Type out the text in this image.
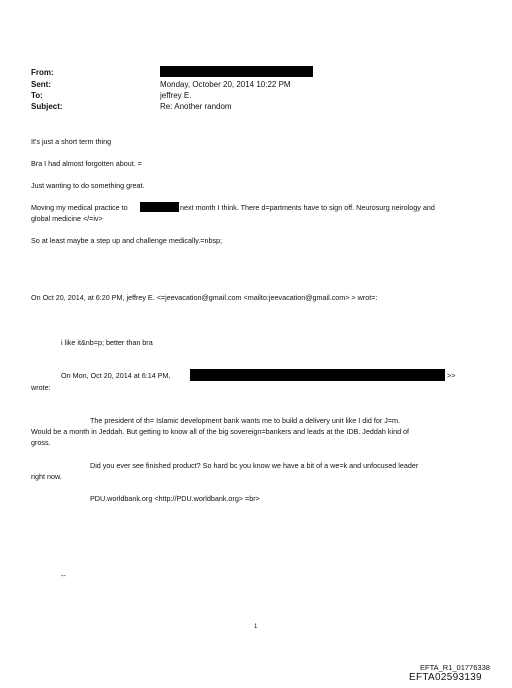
From:
Sent:	Monday, October 20, 2014 10:22 PM
To:	jeffrey E.
Subject:	Re: Another random
It's just a short term thing
Bra I had almost forgotten about. =
Just wanting to do something great.
Moving my medical practice to	next month I think. There d=partments have to sign off. Neurosurg neirology and
global medicine </=iv>
So at least maybe a step up and challenge medically.=nbsp;
On Oct 20, 2014, at 6:20 PM, jeffrey E. <=jeevacation@gmail.com <mailto:jeevacation@gmail.com> > wrot=:
i like it&nb=p; better than bra
On Mon, Oct 20, 2014 at 6:14 PM,	>>
wrote:
The president of th= Islamic development bank wants me to build a delivery unit like I did for J=m.
Would be a month in Jeddah. But getting to know all of the big sovereign=bankers and leads at the IDB. Jeddah kind of
gross.
Did you ever see finished product? So hard bc you know we have a bit of a we=k and unfocused leader
right now.
PDU.worldbank.org <http://PDU.worldbank.org> =br>
--
1
EFTA_R1_01776338
EFTA02593139
